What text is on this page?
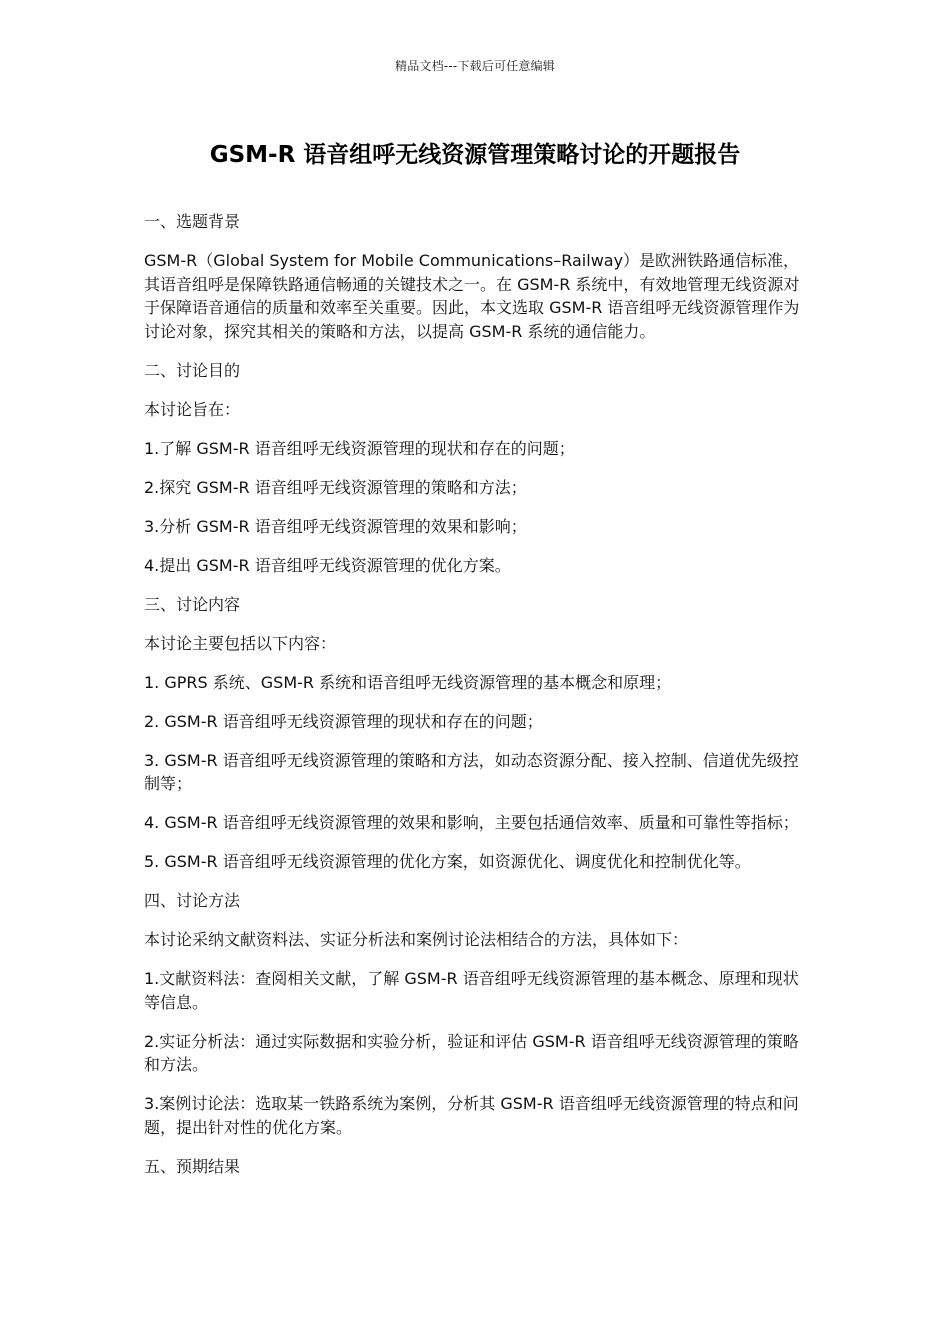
精品文档---下载后可任意编辑
GSM-R 语音组呼无线资源管理策略讨论的开题报告

一、选题背景

GSM-R（Global System for Mobile Communications–Railway）是欧洲铁路通信标准，其语音组呼是保障铁路通信畅通的关键技术之一。在 GSM-R 系统中，有效地管理无线资源对于保障语音通信的质量和效率至关重要。因此，本文选取 GSM-R 语音组呼无线资源管理作为讨论对象，探究其相关的策略和方法，以提高 GSM-R 系统的通信能力。

二、讨论目的

本讨论旨在：

1.了解 GSM-R 语音组呼无线资源管理的现状和存在的问题；

2.探究 GSM-R 语音组呼无线资源管理的策略和方法；

3.分析 GSM-R 语音组呼无线资源管理的效果和影响；

4.提出 GSM-R 语音组呼无线资源管理的优化方案。

三、讨论内容

本讨论主要包括以下内容：

1. GPRS 系统、GSM-R 系统和语音组呼无线资源管理的基本概念和原理；

2. GSM-R 语音组呼无线资源管理的现状和存在的问题；

3. GSM-R 语音组呼无线资源管理的策略和方法，如动态资源分配、接入控制、信道优先级控制等；

4. GSM-R 语音组呼无线资源管理的效果和影响，主要包括通信效率、质量和可靠性等指标；

5. GSM-R 语音组呼无线资源管理的优化方案，如资源优化、调度优化和控制优化等。

四、讨论方法

本讨论采纳文献资料法、实证分析法和案例讨论法相结合的方法，具体如下：

1.文献资料法：查阅相关文献，了解 GSM-R 语音组呼无线资源管理的基本概念、原理和现状等信息。

2.实证分析法：通过实际数据和实验分析，验证和评估 GSM-R 语音组呼无线资源管理的策略和方法。

3.案例讨论法：选取某一铁路系统为案例，分析其 GSM-R 语音组呼无线资源管理的特点和问题，提出针对性的优化方案。

五、预期结果
